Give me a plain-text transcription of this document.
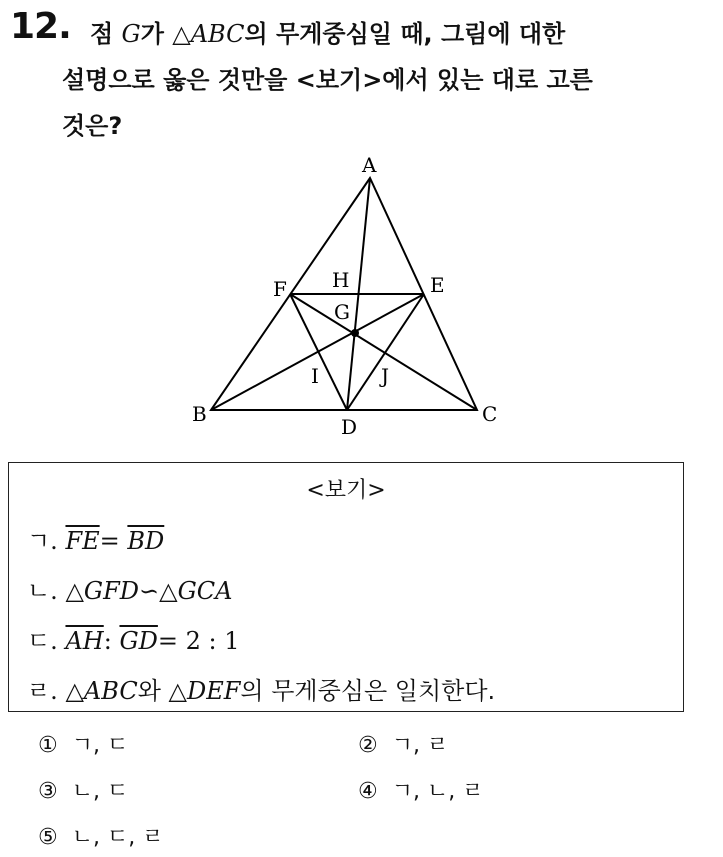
12. 점 G가 △ABC의 무게중심일 때, 그림에 대한
설명으로 옳은 것만을 <보기>에서 있는 대로 고른
것은?
A
B	C
D
E
F
G
H
I	J
<보기>
ㄱ. $\overline{FE}= \overline{BD}$
ㄴ. △GFD∽△GCA
ㄷ. $\overline{AH}$: $\overline{GD}= 2$ : 1
ㄹ. △ABC와 △DEF의 무게중심은 일치한다.
① ㄱ, ㄷ	② ㄱ, ㄹ
③ ㄴ, ㄷ	④ ㄱ, ㄴ, ㄹ
⑤ ㄴ, ㄷ, ㄹ
